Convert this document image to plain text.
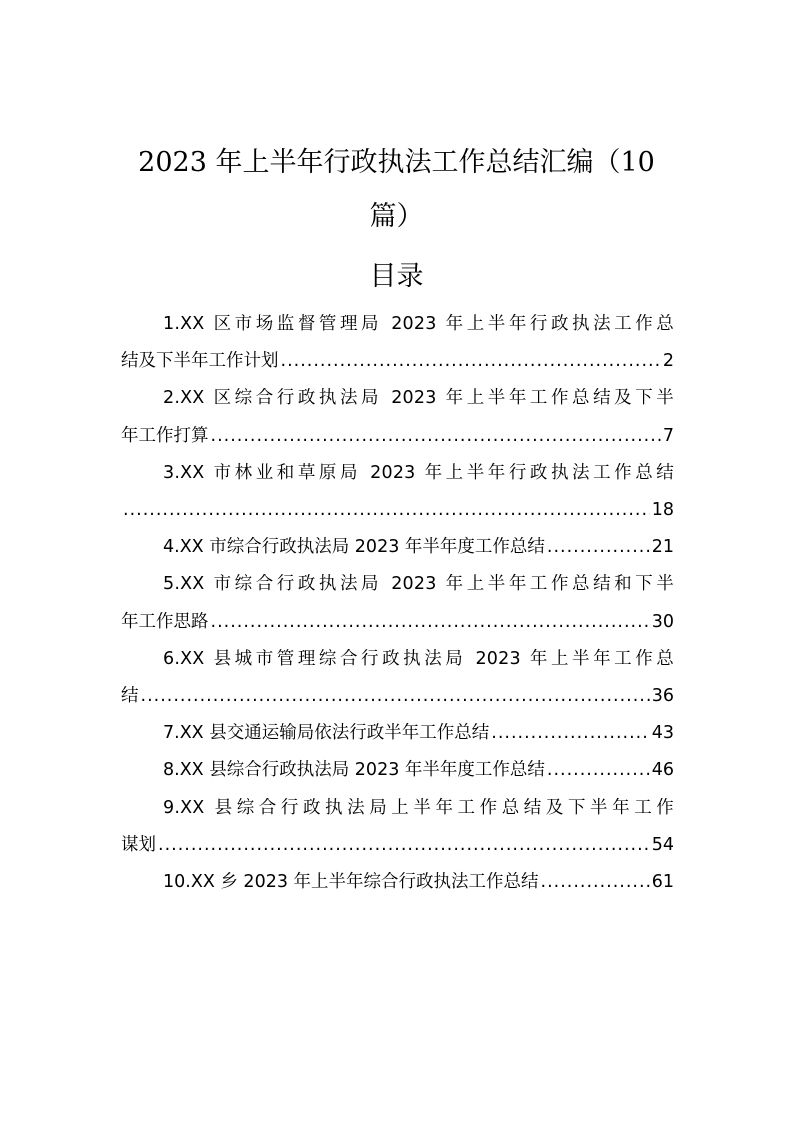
2023 年上半年行政执法工作总结汇编（10
篇）
目录
1.XX 区市场监督管理局 2023 年上半年行政执法工作总
结及下半年工作计划 .....	2
2.XX 区综合行政执法局 2023 年上半年工作总结及下半
年工作打算 .....	7
3.XX 市林业和草原局 2023 年上半年行政执法工作总结
.....
18
4.XX 市综合行政执法局 2023 年半年度工作总结 .....	21
5.XX 市综合行政执法局 2023 年上半年工作总结和下半
年工作思路 .....	30
6.XX 县城市管理综合行政执法局 2023 年上半年工作总
结 .....	36
7.XX 县交通运输局依法行政半年工作总结 .....	43
8.XX 县综合行政执法局 2023 年半年度工作总结 .....	46
9.XX 县综合行政执法局上半年工作总结及下半年工作
谋划 .....	54
10.XX 乡 2023 年上半年综合行政执法工作总结 .....	61
